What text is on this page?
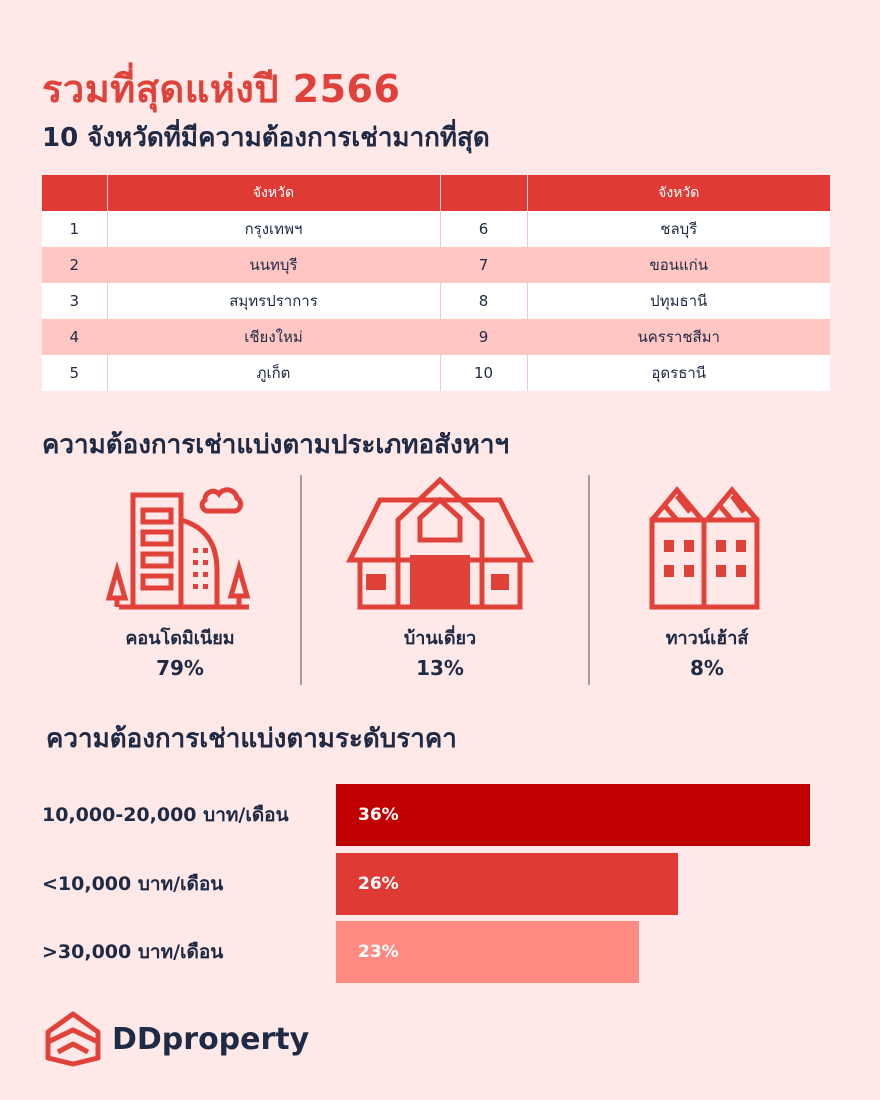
รวมที่สุดแห่งปี 2566
10 จังหวัดที่มีความต้องการเช่ามากที่สุด
	จังหวัด		จังหวัด
1	กรุงเทพฯ	6	ชลบุรี
2	นนทบุรี	7	ขอนแก่น
3	สมุทรปราการ	8	ปทุมธานี
4	เชียงใหม่	9	นครราชสีมา
5	ภูเก็ต	10	อุดรธานี
ความต้องการเช่าแบ่งตามประเภทอสังหาฯ
คอนโดมิเนียม
79%
บ้านเดี่ยว
13%
ทาวน์เฮ้าส์
8%
ความต้องการเช่าแบ่งตามระดับราคา
10,000-20,000 บาท/เดือน	36%
<10,000 บาท/เดือน	26%
>30,000 บาท/เดือน	23%
DDproperty
